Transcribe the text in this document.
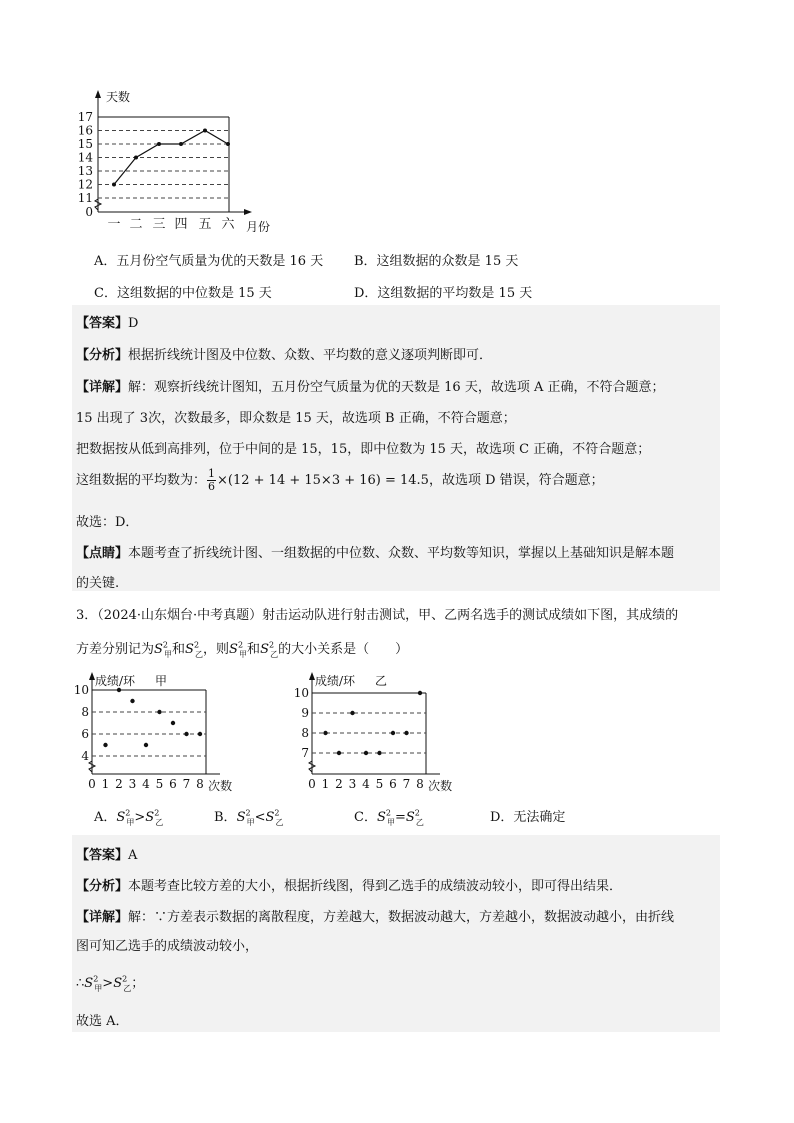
11
12
13
14
15
16
17
0
天数
一 二 三 四 五 六 月份
A．五月份空气质量为优的天数是 16 天 B．这组数据的众数是 15 天
C．这组数据的中位数是 15 天	D．这组数据的平均数是 15 天
【答案】D
【分析】根据折线统计图及中位数、众数、平均数的意义逐项判断即可．
【详解】解：观察折线统计图知，五月份空气质量为优的天数是 16 天，故选项 A 正确，不符合题意；
15 出现了 3次，次数最多，即众数是 15 天，故选项 B 正确，不符合题意；
把数据按从低到高排列，位于中间的是 15，15，即中位数为 15 天，故选项 C 正确，不符合题意；
这组数据的平均数为： $\frac{1}{6} \times(12 + 14 + 15\times 3 + 16) = 14.5$，故选项 D 错误，符合题意；
故选：D．
【点睛】本题考查了折线统计图、一组数据的中位数、众数、平均数等知识，掌握以上基础知识是解本题
的关键.
3．（2024·山东烟台·中考真题）射击运动队进行射击测试，甲、乙两名选手的测试成绩如下图，其成绩的
方差分别记为$S^2_甲$和$S^2_乙$，则$S^2_甲$和$S^2_乙$的大小关系是（　　）
4
6
8
10
成绩/环 甲
0 1 2 3 4 5 6 7 8 次数
7
8
9
10
成绩/环 乙
0 1 2 3 4 5 6 7 8 次数
A．$S^2_甲>S^2_乙$	B．$S^2_甲<S^2_乙$	C．$S^2_甲=S^2_乙$	D．无法确定
【答案】A
【分析】本题考查比较方差的大小，根据折线图，得到乙选手的成绩波动较小，即可得出结果．
【详解】解：∵方差表示数据的离散程度，方差越大，数据波动越大，方差越小，数据波动越小，由折线
图可知乙选手的成绩波动较小，
$\therefore S^2_甲>S^2_乙$；
故选 A．
